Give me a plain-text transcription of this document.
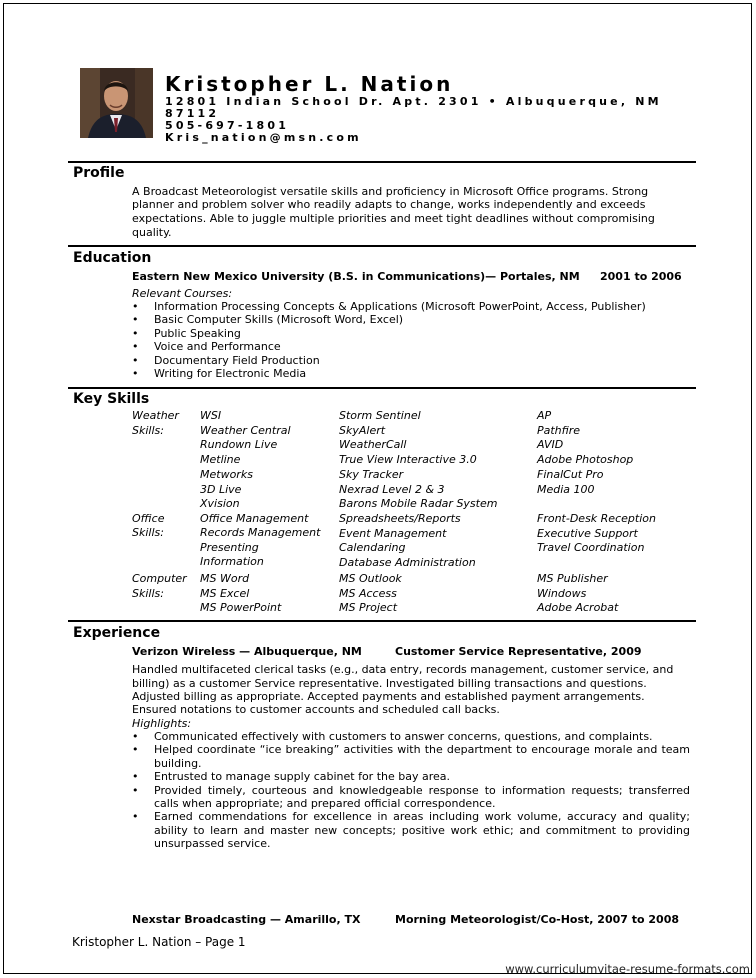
Kristopher L. Nation
12801 Indian School Dr. Apt. 2301 • Albuquerque, NM
87112
505-697-1801
Kris_nation@msn.com
Profile
A Broadcast Meteorologist versatile skills and proficiency in Microsoft Office programs. Strong
planner and problem solver who readily adapts to change, works independently and exceeds
expectations. Able to juggle multiple priorities and meet tight deadlines without compromising
quality.
Education
Eastern New Mexico University (B.S. in Communications)— Portales, NM 2001 to 2006
Relevant Courses:
• Information Processing Concepts & Applications (Microsoft PowerPoint, Access, Publisher)
• Basic Computer Skills (Microsoft Word, Excel)
• Public Speaking
• Voice and Performance
• Documentary Field Production
• Writing for Electronic Media
Key Skills
Weather
Skills:
WSI
Weather Central
Rundown Live
Metline
Metworks
3D Live
Xvision
Storm Sentinel
SkyAlert
WeatherCall
True View Interactive 3.0
Sky Tracker
Nexrad Level 2 & 3
Barons Mobile Radar System
AP
Pathfire
AVID
Adobe Photoshop
FinalCut Pro
Media 100
Office
Skills:
Office Management
Records Management
Presenting
Information
Spreadsheets/Reports
Event Management
Calendaring
Database Administration
Front-Desk Reception
Executive Support
Travel Coordination
Computer
Skills:
MS Word
MS Excel
MS PowerPoint
MS Outlook
MS Access
MS Project
MS Publisher
Windows
Adobe Acrobat
Experience
Verizon Wireless — Albuquerque, NM	Customer Service Representative, 2009
Handled multifaceted clerical tasks (e.g., data entry, records management, customer service, and
billing) as a customer Service representative. Investigated billing transactions and questions.
Adjusted billing as appropriate. Accepted payments and established payment arrangements.
Ensured notations to customer accounts and scheduled call backs.
Highlights:
• Communicated effectively with customers to answer concerns, questions, and complaints.
• Helped coordinate “ice breaking” activities with the department to encourage morale and team building.
• Entrusted to manage supply cabinet for the bay area.
• Provided timely, courteous and knowledgeable response to information requests; transferred calls when appropriate; and prepared official correspondence.
• Earned commendations for excellence in areas including work volume, accuracy and quality; ability to learn and master new concepts; positive work ethic; and commitment to providing unsurpassed service.
Nexstar Broadcasting — Amarillo, TX	Morning Meteorologist/Co-Host, 2007 to 2008
Kristopher L. Nation – Page 1
www.curriculumvitae-resume-formats.com
